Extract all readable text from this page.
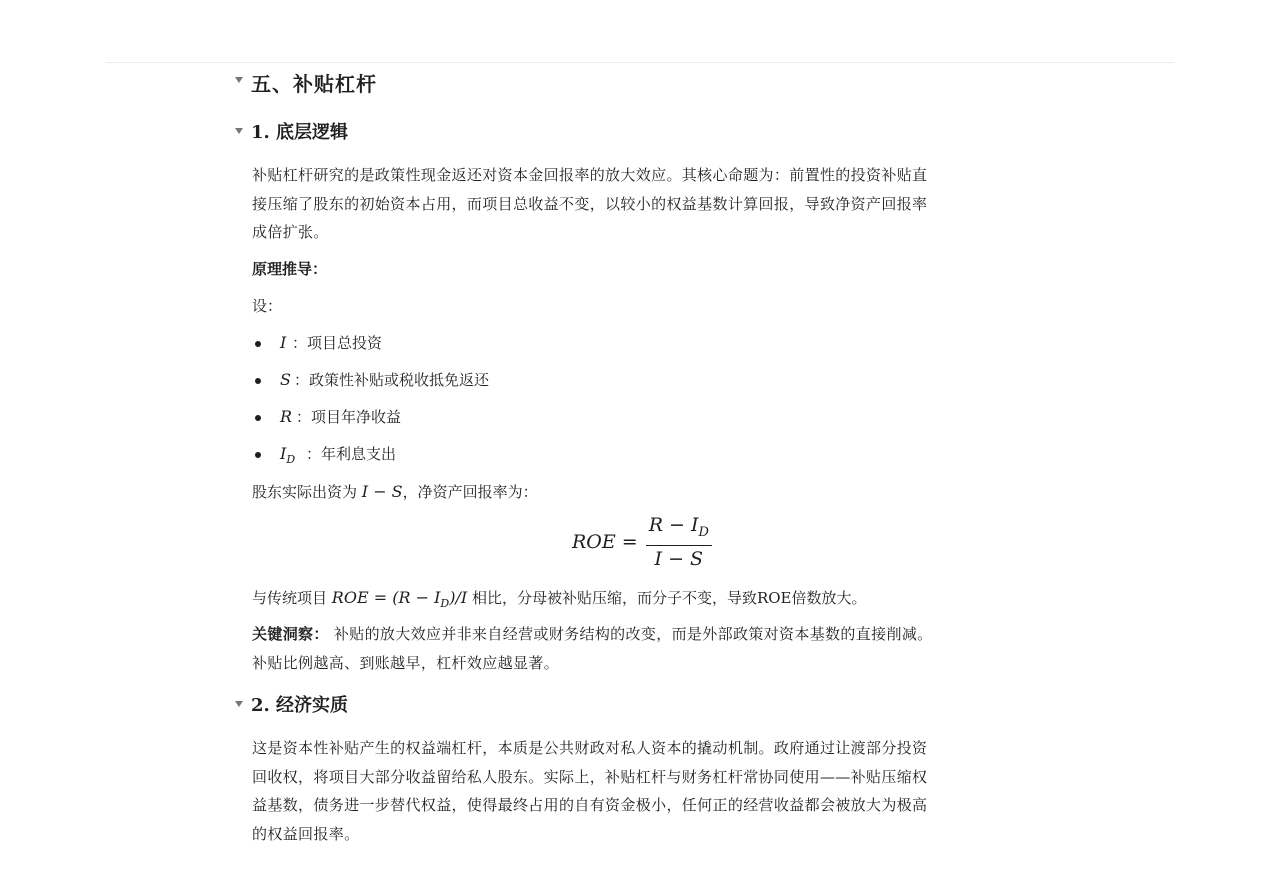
五、补贴杠杆
1. 底层逻辑
补贴杠杆研究的是政策性现金返还对资本金回报率的放大效应。其核心命题为：前置性的投资补贴直
接压缩了股东的初始资本占用，而项目总收益不变，以较小的权益基数计算回报，导致净资产回报率
成倍扩张。
原理推导：
设：
I ：项目总投资
S ：政策性补贴或税收抵免返还
R ：项目年净收益
$I_D$ ：年利息支出
股东实际出资为 I − S，净资产回报率为：
ROE = $\frac{R - I_D}{I - S}$
与传统项目 ROE = $(R - I_D)/I$ 相比，分母被补贴压缩，而分子不变，导致ROE倍数放大。
关键洞察： 补贴的放大效应并非来自经营或财务结构的改变，而是外部政策对资本基数的直接削减。
补贴比例越高、到账越早，杠杆效应越显著。
2. 经济实质
这是资本性补贴产生的权益端杠杆，本质是公共财政对私人资本的撬动机制。政府通过让渡部分投资
回收权，将项目大部分收益留给私人股东。实际上，补贴杠杆与财务杠杆常协同使用——补贴压缩权
益基数，债务进一步替代权益，使得最终占用的自有资金极小，任何正的经营收益都会被放大为极高
的权益回报率。
